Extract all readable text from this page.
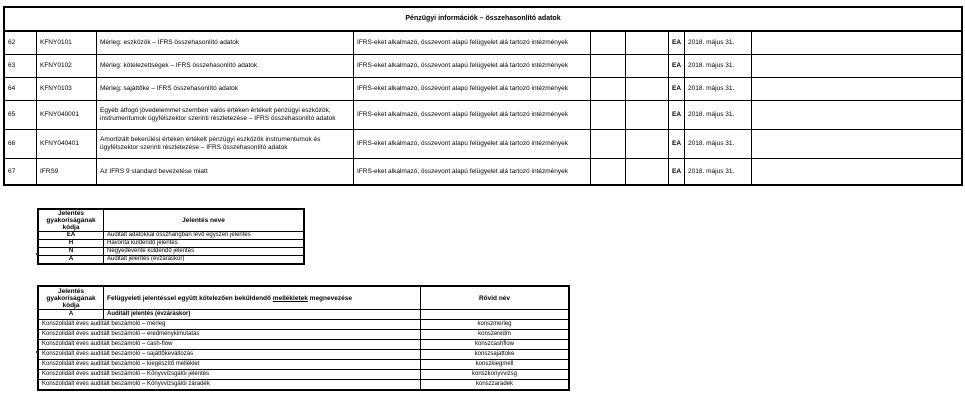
Pénzügyi információk – összehasonlító adatok								
62	KFNY0101	Mérleg: eszközök – IFRS összehasonlító adatok	IFRS-eket alkalmazó, összevont alapú felügyelet alá tartozó intézmények			EA	2018. május 31.	
63	KFNY0102	Mérleg: kötelezettségek – IFRS összehasonlító adatok	IFRS-eket alkalmazó, összevont alapú felügyelet alá tartozó intézmények			EA	2018. május 31.	
64	KFNY0103	Mérleg: sajáttőke – IFRS összehasonlító adatok	IFRS-eket alkalmazó, összevont alapú felügyelet alá tartozó intézmények			EA	2018. május 31.	
65	KFNY040001	Egyéb átfogó jövedelemmel szemben valós értéken értékelt pénzügyi eszközök, instrumentumok ügyfélszektor szerinti részletezése – IFRS összehasonlító adatok	IFRS-eket alkalmazó, összevont alapú felügyelet alá tartozó intézmények			EA	2018. május 31.	
66	KFNY040401	Amortizált bekerülési értéken értékelt pénzügyi eszközök instrumentumok és ügyfélszektor szerinti részletezése – IFRS összehasonlító adatok	IFRS-eket alkalmazó, összevont alapú felügyelet alá tartozó intézmények			EA	2018. május 31.	
67	IFRS9	Az IFRS 9 standard bevezetése miatt	IFRS-eket alkalmazó, összevont alapú felügyelet alá tartozó intézmények			EA	2018. május 31.	
Jelentés gyakoriságának kódja	Jelentés neve
EA	Auditált adatokkal összhangban lévő egyszeri jelentés
H	Havonta küldendő jelentés
N	Negyedévente küldendő jelentés
A	Auditált jelentés (évzáráskor)
Jelentés gyakoriságának kódja	Felügyeleti jelentéssel együtt kötelezően beküldendő mellékletek megnevezése	Rövid név
A	Auditált jelentés (évzáráskor)	
Konszolidált éves auditált beszámoló – mérleg		konszmerleg
Konszolidált éves auditált beszámoló – eredménykimutatás		konszeredm
Konszolidált éves auditált beszámoló – cash-flow		konszcashflow
Konszolidált éves auditált beszámoló – sajáttőkeváltozás		konszsajattoke
Konszolidált éves auditált beszámoló – kiegészítő melléklet		konszkiegmell
Konszolidált éves auditált beszámoló – Könyvvizsgálói jelentés		konszkonyvvizsg
Konszolidált éves auditált beszámoló – Könyvvizsgálói záradék		konszzaradek
